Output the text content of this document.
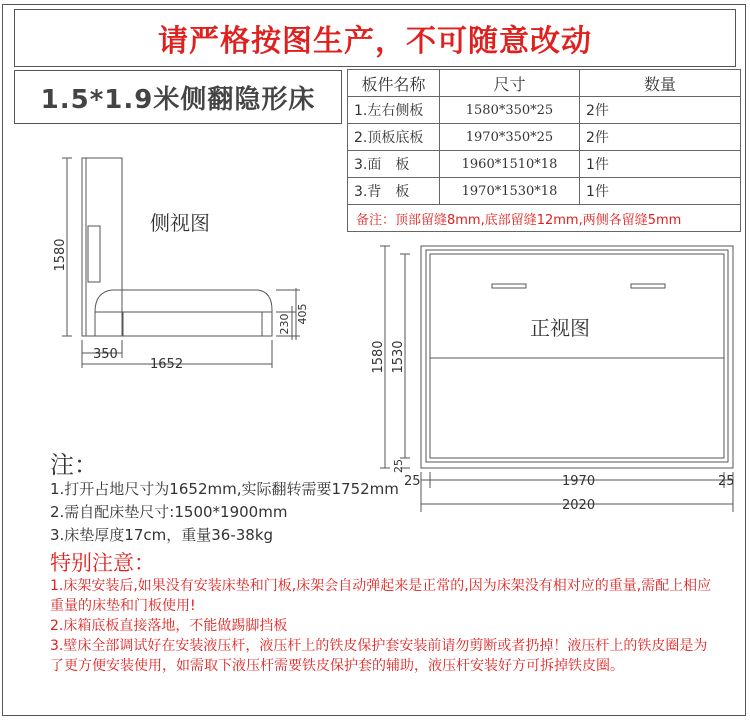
请严格按图生产，不可随意改动
1.5*1.9米侧翻隐形床
板件名称	尺寸	数量
1.左右侧板	1580*350*25	2件
2.顶板底板	1970*350*25	2件
3.面　板	1960*1510*18	1件
3.背　板	1970*1530*18	1件
备注：顶部留缝8mm,底部留缝12mm,两侧各留缝5mm		
侧视图
1580
350
1652
230 405
正视图
1580 1530
25
25	1970	25
2020
注：
1.打开占地尺寸为1652mm,实际翻转需要1752mm
2.需自配床垫尺寸:1500*1900mm
3.床垫厚度17cm，重量36-38kg
特别注意：

1.床架安装后,如果没有安装床垫和门板,床架会自动弹起来是正常的,因为床架没有相对应的重量,需配上相应重量的床垫和门板使用!

2.床箱底板直接落地，不能做踢脚挡板

3.壁床全部调试好在安装液压杆，液压杆上的铁皮保护套安装前请勿剪断或者扔掉！液压杆上的铁皮圈是为了更方便安装使用，如需取下液压杆需要铁皮保护套的辅助，液压杆安装好方可拆掉铁皮圈。
